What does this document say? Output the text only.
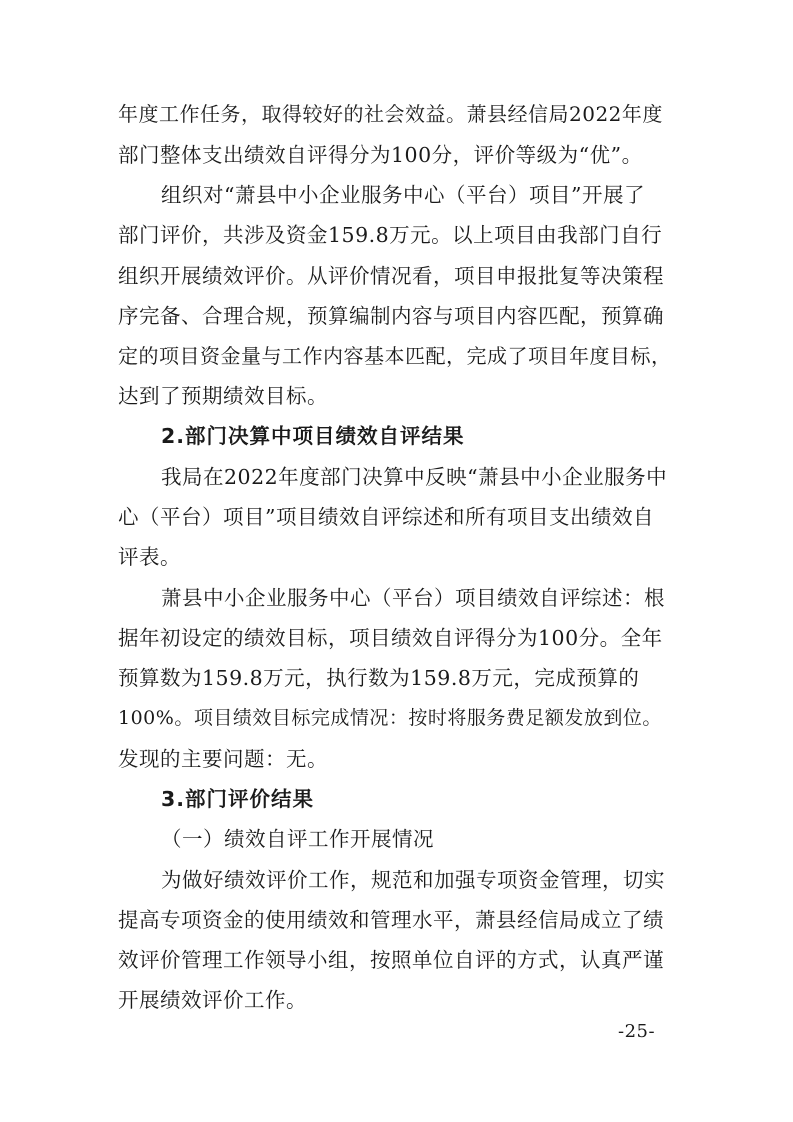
年度工作任务，取得较好的社会效益。萧县经信局2022年度
部门整体支出绩效自评得分为100分，评价等级为“优”。
组织对“萧县中小企业服务中心（平台）项目”开展了
部门评价，共涉及资金159.8万元。以上项目由我部门自行
组织开展绩效评价。从评价情况看，项目申报批复等决策程
序完备、合理合规，预算编制内容与项目内容匹配，预算确
定的项目资金量与工作内容基本匹配，完成了项目年度目标，
达到了预期绩效目标。
2.部门决算中项目绩效自评结果
我局在2022年度部门决算中反映“萧县中小企业服务中
心（平台）项目”项目绩效自评综述和所有项目支出绩效自
评表。
萧县中小企业服务中心（平台）项目绩效自评综述：根
据年初设定的绩效目标，项目绩效自评得分为100分。全年
预算数为159.8万元，执行数为159.8万元，完成预算的
100%。项目绩效目标完成情况：按时将服务费足额发放到位。
发现的主要问题：无。
3.部门评价结果
（一）绩效自评工作开展情况
为做好绩效评价工作，规范和加强专项资金管理，切实
提高专项资金的使用绩效和管理水平，萧县经信局成立了绩
效评价管理工作领导小组，按照单位自评的方式，认真严谨
开展绩效评价工作。
-25-
